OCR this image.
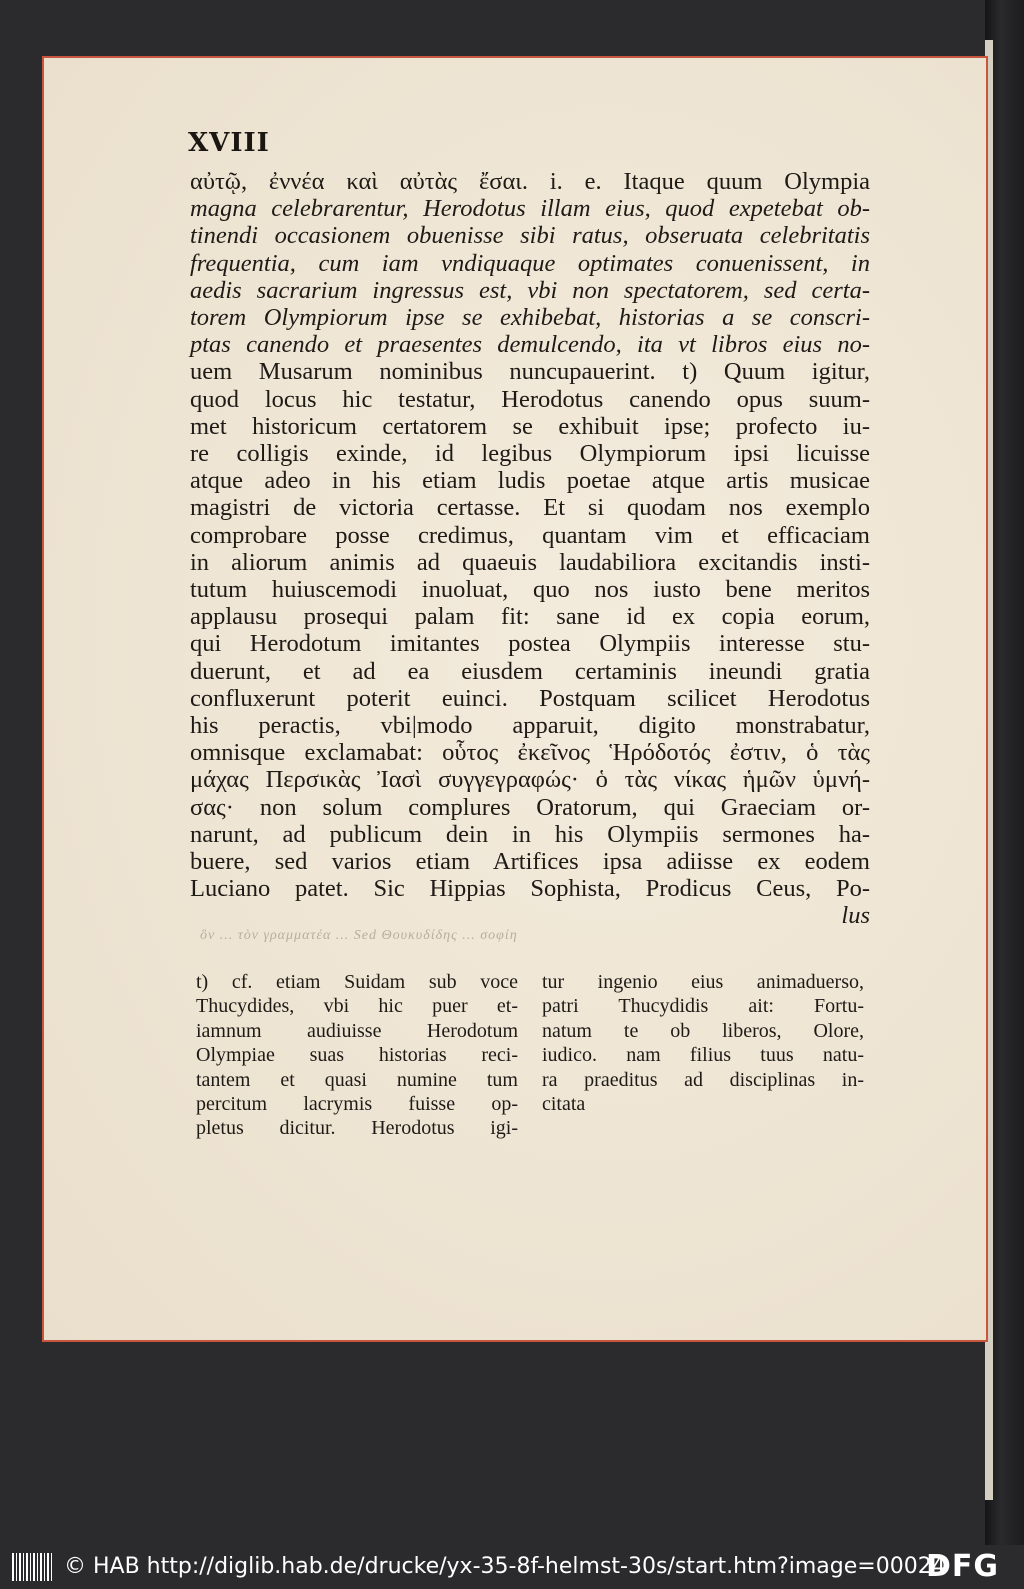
XVIII
αὐτῷ, ἐννέα καὶ αὐτὰς ἔσαι. i. e. Itaque quum Olympia
magna celebrarentur, Herodotus illam eius, quod expetebat ob-
tinendi occasionem obuenisse sibi ratus, obseruata celebritatis
frequentia, cum iam vndiquaque optimates conuenissent, in
aedis sacrarium ingressus est, vbi non spectatorem, sed certa-
torem Olympiorum ipse se exhibebat, historias a se conscri-
ptas canendo et praesentes demulcendo, ita vt libros eius no-
uem Musarum nominibus nuncupauerint. t) Quum igitur,
quod locus hic testatur, Herodotus canendo opus suum-
met historicum certatorem se exhibuit ipse; profecto iu-
re colligis exinde, id legibus Olympiorum ipsi licuisse
atque adeo in his etiam ludis poetae atque artis musicae
magistri de victoria certasse. Et si quodam nos exemplo
comprobare posse credimus, quantam vim et efficaciam
in aliorum animis ad quaeuis laudabiliora excitandis insti-
tutum huiuscemodi inuoluat, quo nos iusto bene meritos
applausu prosequi palam fit: sane id ex copia eorum,
qui Herodotum imitantes postea Olympiis interesse stu-
duerunt, et ad ea eiusdem certaminis ineundi gratia
confluxerunt poterit euinci. Postquam scilicet Herodotus
his peractis, vbi|modo apparuit, digito monstrabatur,
omnisque exclamabat: οὗτος ἐκεῖνος Ἡρόδοτός ἐστιν, ὁ τὰς
μάχας Περσικὰς Ἰασὶ συγγεγραφώς· ὁ τὰς νίκας ἡμῶν ὑμνή-
σας· non solum complures Oratorum, qui Graeciam or-
narunt, ad publicum dein in his Olympiis sermones ha-
buere, sed varios etiam Artifices ipsa adiisse ex eodem
Luciano patet. Sic Hippias Sophista, Prodicus Ceus, Po-
lus
ὃν ... τὸν γραμματέα ... Sed Θουκυδίδης ... σοφίη
t) cf. etiam Suidam sub voce
Thucydides, vbi hic puer et-
iamnum audiuisse Herodotum
Olympiae suas historias reci-
tantem et quasi numine tum
percitum lacrymis fuisse op-
pletus dicitur. Herodotus igi-
tur ingenio eius animaduerso,
patri Thucydidis ait: Fortu-
natum te ob liberos, Olore,
iudico. nam filius tuus natu-
ra praeditus ad disciplinas in-
citata
© HAB http://diglib.hab.de/drucke/yx-35-8f-helmst-30s/start.htm?image=00024
DFG
